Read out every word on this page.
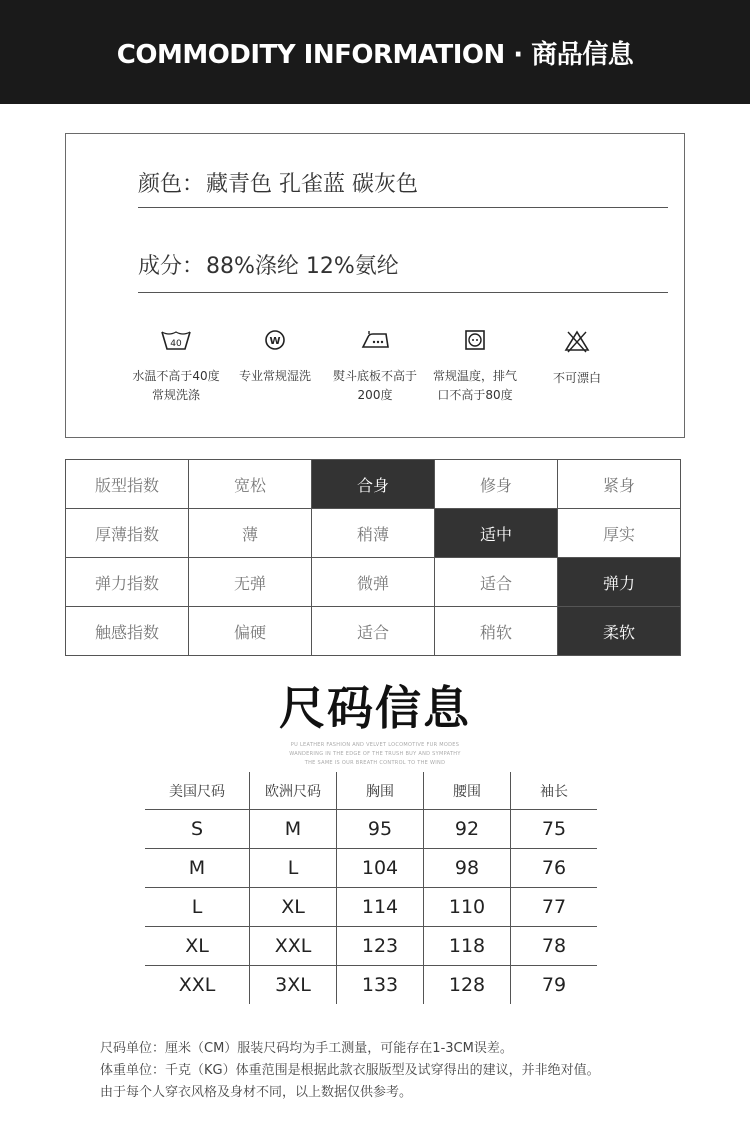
COMMODITY INFORMATION · 商品信息
颜色：藏青色 孔雀蓝 碳灰色
成分：88%涤纶 12%氨纶
40
水温不高于40度
常规洗涤
W
专业常规湿洗	熨斗底板不高于
200度
常规温度，排气
口不高于80度
不可漂白
版型指数	宽松	合身	修身	紧身
厚薄指数	薄	稍薄	适中	厚实
弹力指数	无弹	微弹	适合	弹力
触感指数	偏硬	适合	稍软	柔软
尺码信息
PU LEATHER FASHION AND VELVET LOCOMOTIVE FUR MODES
WANDERING IN THE EDGE OF THE TRUSH BUY AND SYMPATHY
THE SAME IS OUR BREATH CONTROL TO THE WIND
美国尺码	欧洲尺码	胸围	腰围	袖长
S	M	95	92	75
M	L	104	98	76
L	XL	114	110	77
XL	XXL	123	118	78
XXL	3XL	133	128	79
尺码单位：厘米（CM）服装尺码均为手工测量，可能存在1-3CM误差。
体重单位：千克（KG）体重范围是根据此款衣服版型及试穿得出的建议，并非绝对值。
由于每个人穿衣风格及身材不同，以上数据仅供参考。
